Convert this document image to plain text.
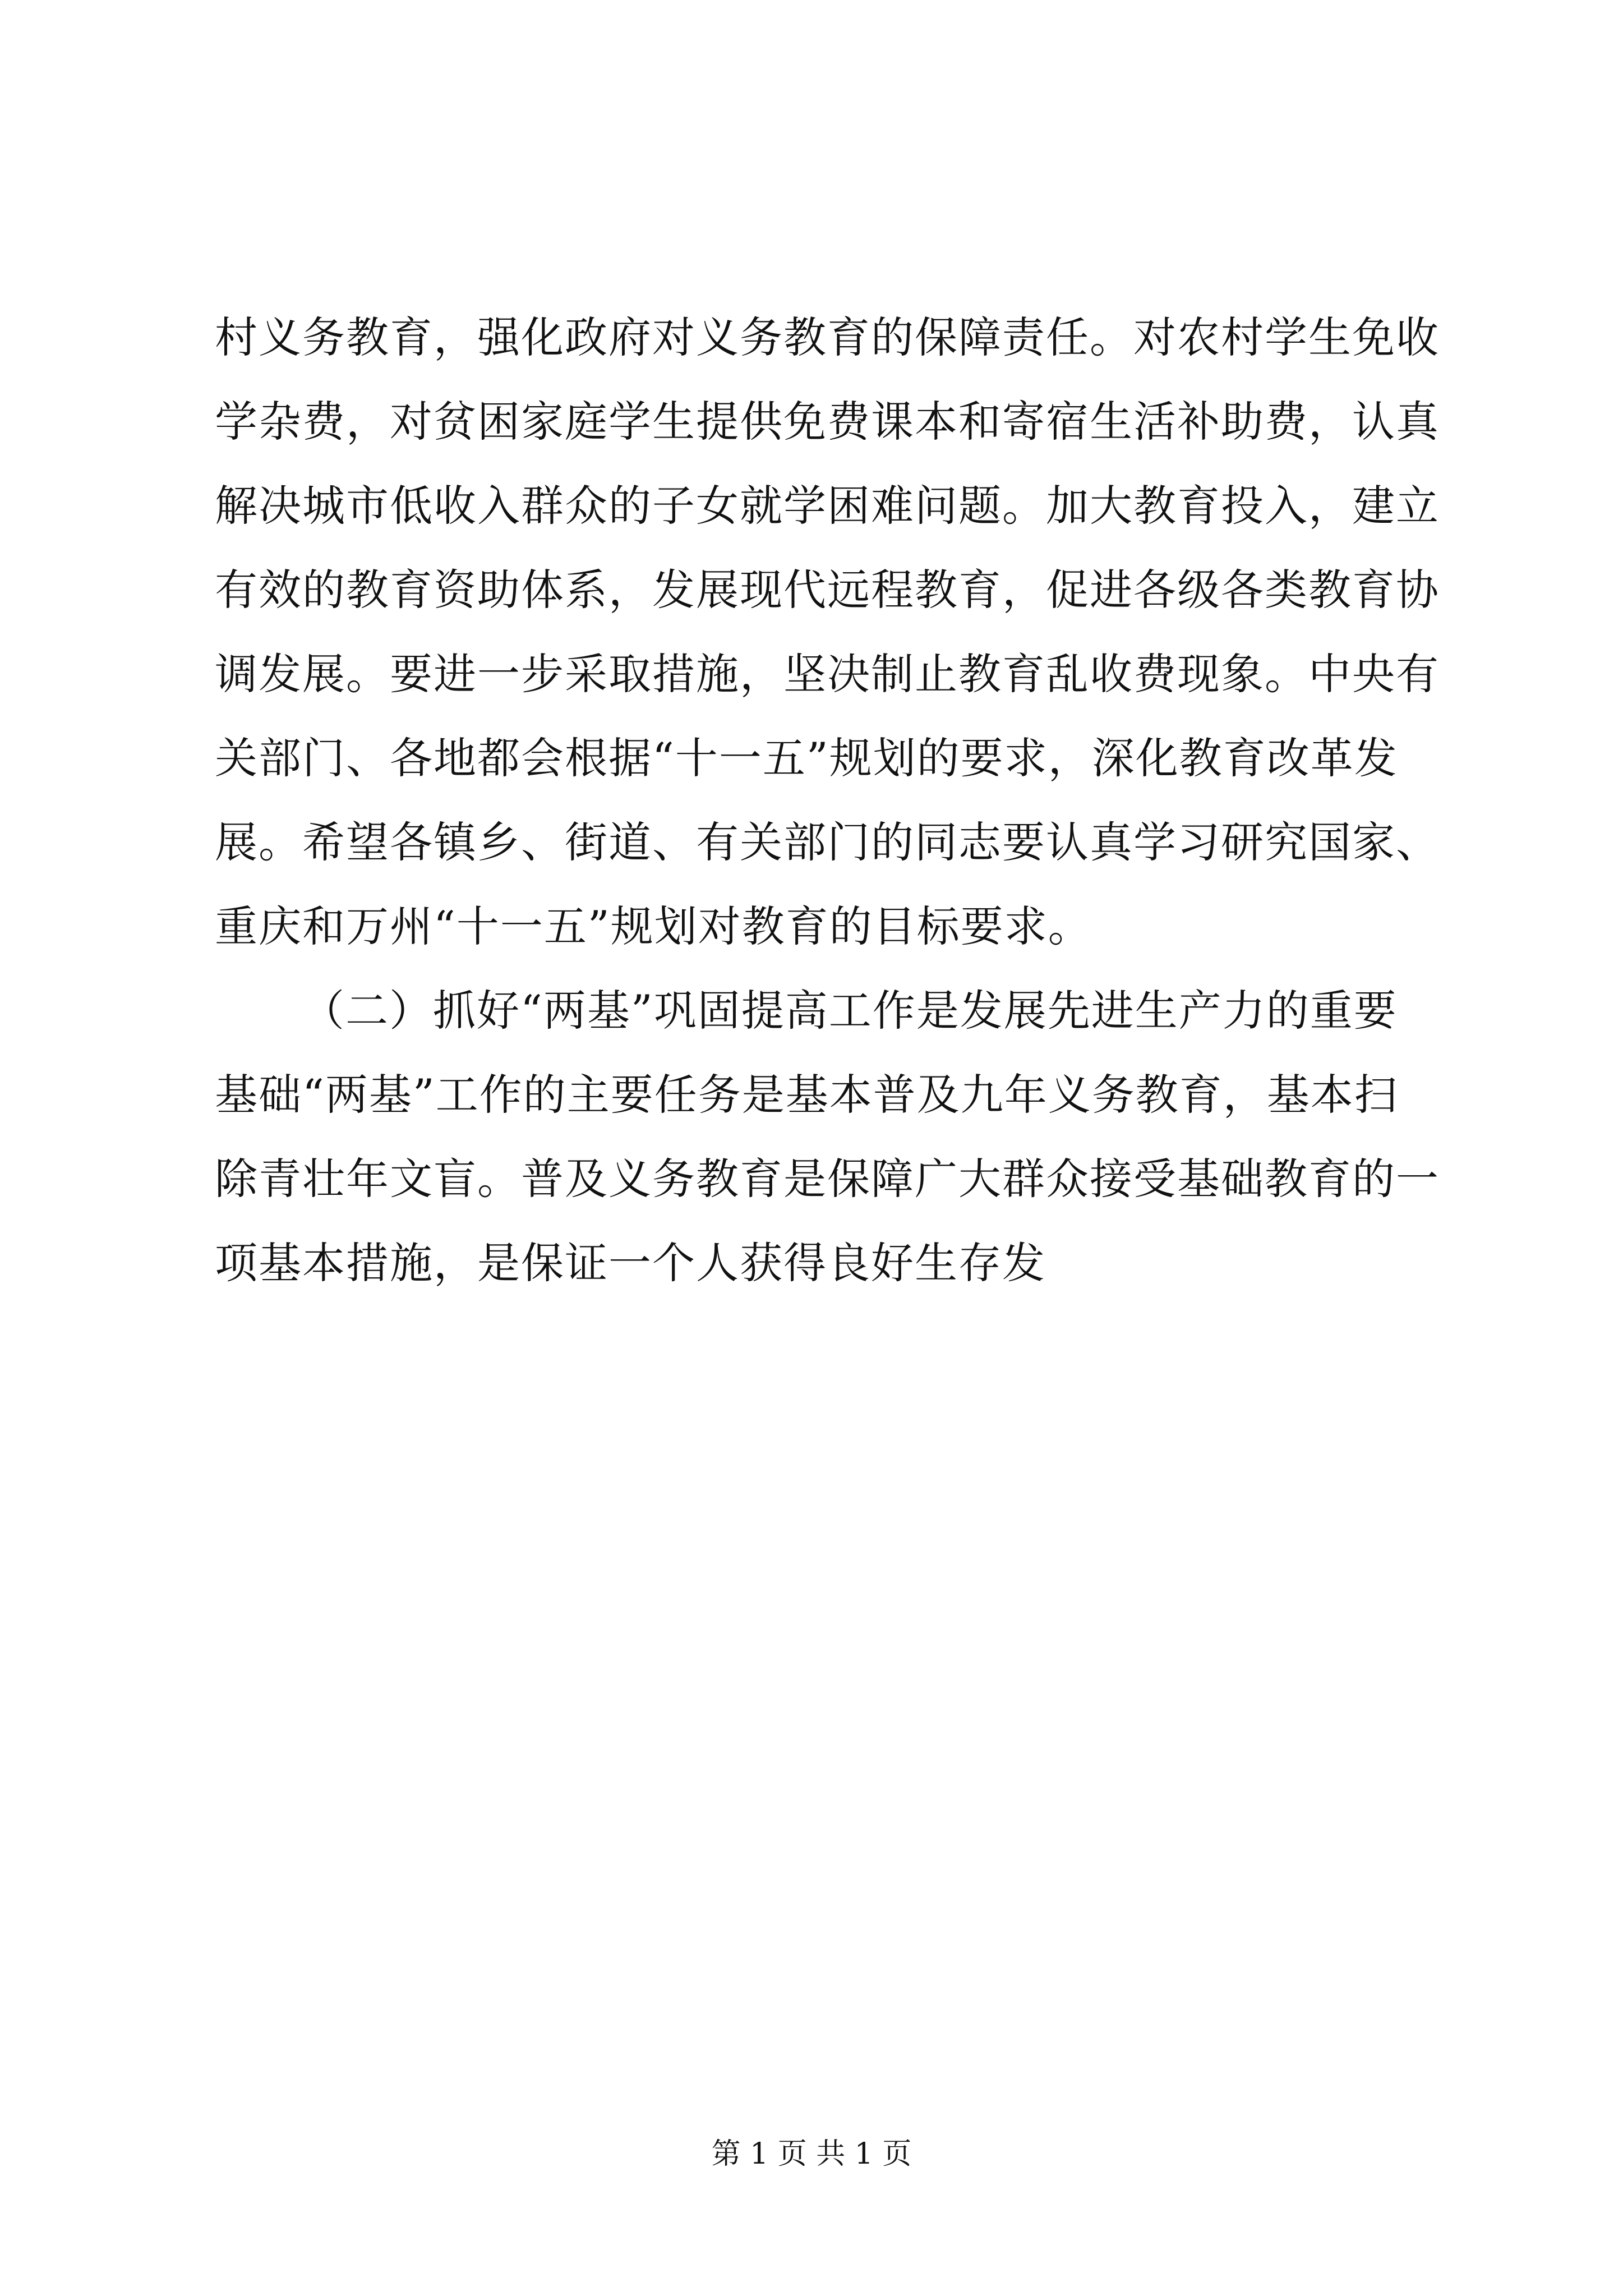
村义务教育，强化政府对义务教育的保障责任。对农村学生免收
学杂费，对贫困家庭学生提供免费课本和寄宿生活补助费，认真
解决城市低收入群众的子女就学困难问题。加大教育投入，建立
有效的教育资助体系，发展现代远程教育，促进各级各类教育协
调发展。要进一步采取措施，坚决制止教育乱收费现象。中央有
关部门、各地都会根据“十一五”规划的要求，深化教育改革发
展。希望各镇乡、街道、有关部门的同志要认真学习研究国家、
重庆和万州“十一五”规划对教育的目标要求。
（二）抓好“两基”巩固提高工作是发展先进生产力的重要
基础“两基”工作的主要任务是基本普及九年义务教育，基本扫
除青壮年文盲。普及义务教育是保障广大群众接受基础教育的一
项基本措施，是保证一个人获得良好生存发
第 1 页 共 1 页
